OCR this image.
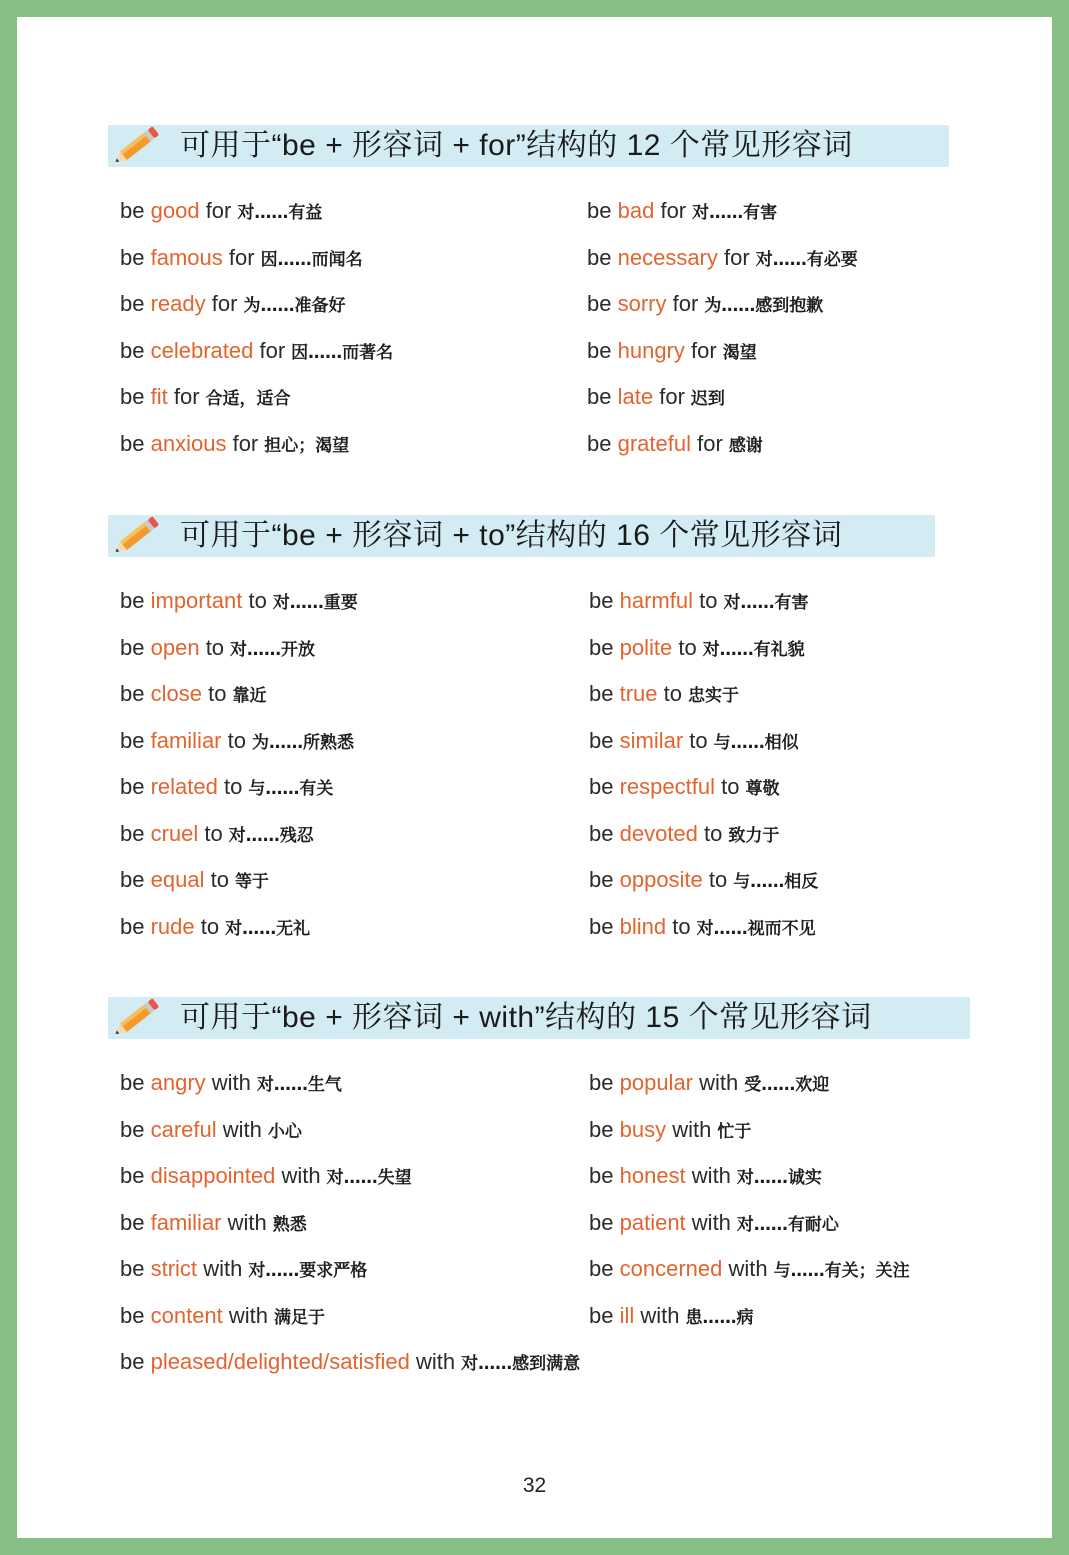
可用于“be + 形容词 + for”结构的 12 个常见形容词
be good for 对……有益
be famous for 因……而闻名
be ready for 为……准备好
be celebrated for 因……而著名
be fit for 合适，适合
be anxious for 担心；渴望
be bad for 对……有害
be necessary for 对……有必要
be sorry for 为……感到抱歉
be hungry for 渴望
be late for 迟到
be grateful for 感谢
可用于“be + 形容词 + to”结构的 16 个常见形容词
be important to 对……重要
be open to 对……开放
be close to 靠近
be familiar to 为……所熟悉
be related to 与……有关
be cruel to 对……残忍
be equal to 等于
be rude to 对……无礼
be harmful to 对……有害
be polite to 对……有礼貌
be true to 忠实于
be similar to 与……相似
be respectful to 尊敬
be devoted to 致力于
be opposite to 与……相反
be blind to 对……视而不见
可用于“be + 形容词 + with”结构的 15 个常见形容词
be angry with 对……生气
be careful with 小心
be disappointed with 对……失望
be familiar with 熟悉
be strict with 对……要求严格
be content with 满足于
be pleased/delighted/satisfied with 对……感到满意
be popular with 受……欢迎
be busy with 忙于
be honest with 对……诚实
be patient with 对……有耐心
be concerned with 与……有关；关注
be ill with 患……病
32
